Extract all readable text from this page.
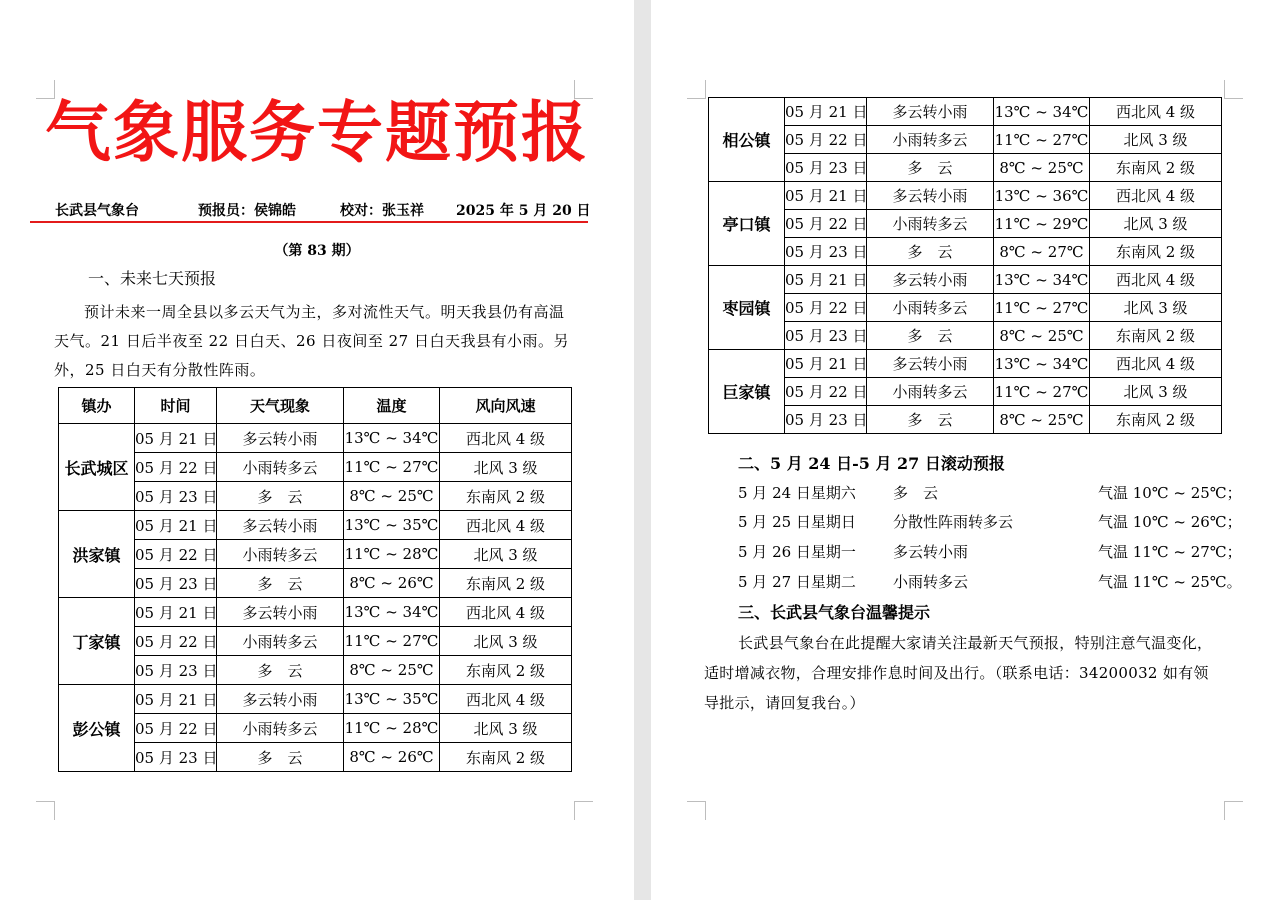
气象服务专题预报
长武县气象台	预报员：侯锦皓	校对：张玉祥 2025 年 5 月 20 日
（第 83 期）
一、未来七天预报
预计未来一周全县以多云天气为主，多对流性天气。明天我县仍有高温天气。21 日后半夜至 22 日白天、26 日夜间至 27 日白天我县有小雨。另外，25 日白天有分散性阵雨。
镇办	时间	天气现象	温度	风向风速
长武城区	05 月 21 日	多云转小雨	13℃ ~ 34℃	西北风 4 级
	05 月 22 日	小雨转多云	11℃ ~ 27℃	北风 3 级
	05 月 23 日	多　云	8℃ ~ 25℃	东南风 2 级
洪家镇	05 月 21 日	多云转小雨	13℃ ~ 35℃	西北风 4 级
	05 月 22 日	小雨转多云	11℃ ~ 28℃	北风 3 级
	05 月 23 日	多　云	8℃ ~ 26℃	东南风 2 级
丁家镇	05 月 21 日	多云转小雨	13℃ ~ 34℃	西北风 4 级
	05 月 22 日	小雨转多云	11℃ ~ 27℃	北风 3 级
	05 月 23 日	多　云	8℃ ~ 25℃	东南风 2 级
彭公镇	05 月 21 日	多云转小雨	13℃ ~ 35℃	西北风 4 级
	05 月 22 日	小雨转多云	11℃ ~ 28℃	北风 3 级
	05 月 23 日	多　云	8℃ ~ 26℃	东南风 2 级
相公镇	05 月 21 日	多云转小雨	13℃ ~ 34℃	西北风 4 级
	05 月 22 日	小雨转多云	11℃ ~ 27℃	北风 3 级
	05 月 23 日	多　云	8℃ ~ 25℃	东南风 2 级
亭口镇	05 月 21 日	多云转小雨	13℃ ~ 36℃	西北风 4 级
	05 月 22 日	小雨转多云	11℃ ~ 29℃	北风 3 级
	05 月 23 日	多　云	8℃ ~ 27℃	东南风 2 级
枣园镇	05 月 21 日	多云转小雨	13℃ ~ 34℃	西北风 4 级
	05 月 22 日	小雨转多云	11℃ ~ 27℃	北风 3 级
	05 月 23 日	多　云	8℃ ~ 25℃	东南风 2 级
巨家镇	05 月 21 日	多云转小雨	13℃ ~ 34℃	西北风 4 级
	05 月 22 日	小雨转多云	11℃ ~ 27℃	北风 3 级
	05 月 23 日	多　云	8℃ ~ 25℃	东南风 2 级
二、5 月 24 日-5 月 27 日滚动预报
5 月 24 日星期六 多　云	气温 10℃ ~ 25℃；
5 月 25 日星期日 分散性阵雨转多云	气温 10℃ ~ 26℃；
5 月 26 日星期一 多云转小雨	气温 11℃ ~ 27℃；
5 月 27 日星期二 小雨转多云	气温 11℃ ~ 25℃。
三、长武县气象台温馨提示
长武县气象台在此提醒大家请关注最新天气预报，特别注意气温变化，适时增减衣物，合理安排作息时间及出行。（联系电话：34200032 如有领导批示，请回复我台。）
